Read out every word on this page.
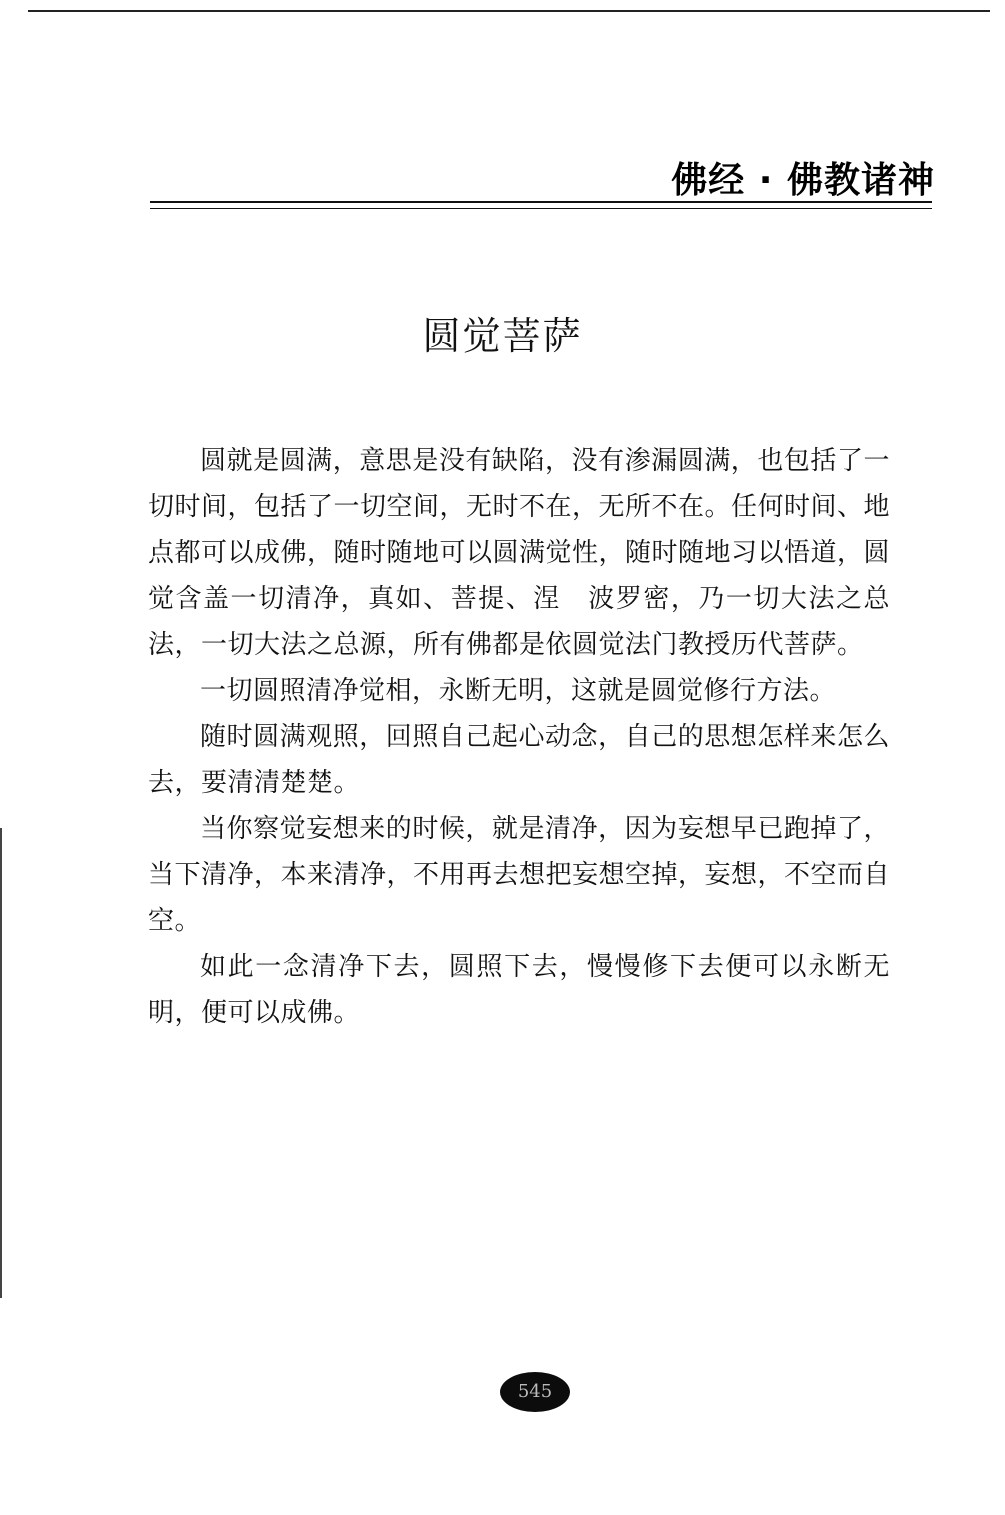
佛经 · 佛教诸神
圆觉菩萨

圆就是圆满，意思是没有缺陷，没有渗漏圆满，也包括了一切时间，包括了一切空间，无时不在，无所不在。任何时间、地点都可以成佛，随时随地可以圆满觉性，随时随地习以悟道，圆觉含盖一切清净，真如、菩提、涅　波罗密，乃一切大法之总法，一切大法之总源，所有佛都是依圆觉法门教授历代菩萨。

一切圆照清净觉相，永断无明，这就是圆觉修行方法。

随时圆满观照，回照自己起心动念，自己的思想怎样来怎么去，要清清楚楚。

当你察觉妄想来的时候，就是清净，因为妄想早已跑掉了，当下清净，本来清净，不用再去想把妄想空掉，妄想，不空而自空。

如此一念清净下去，圆照下去，慢慢修下去便可以永断无明，便可以成佛。

545
